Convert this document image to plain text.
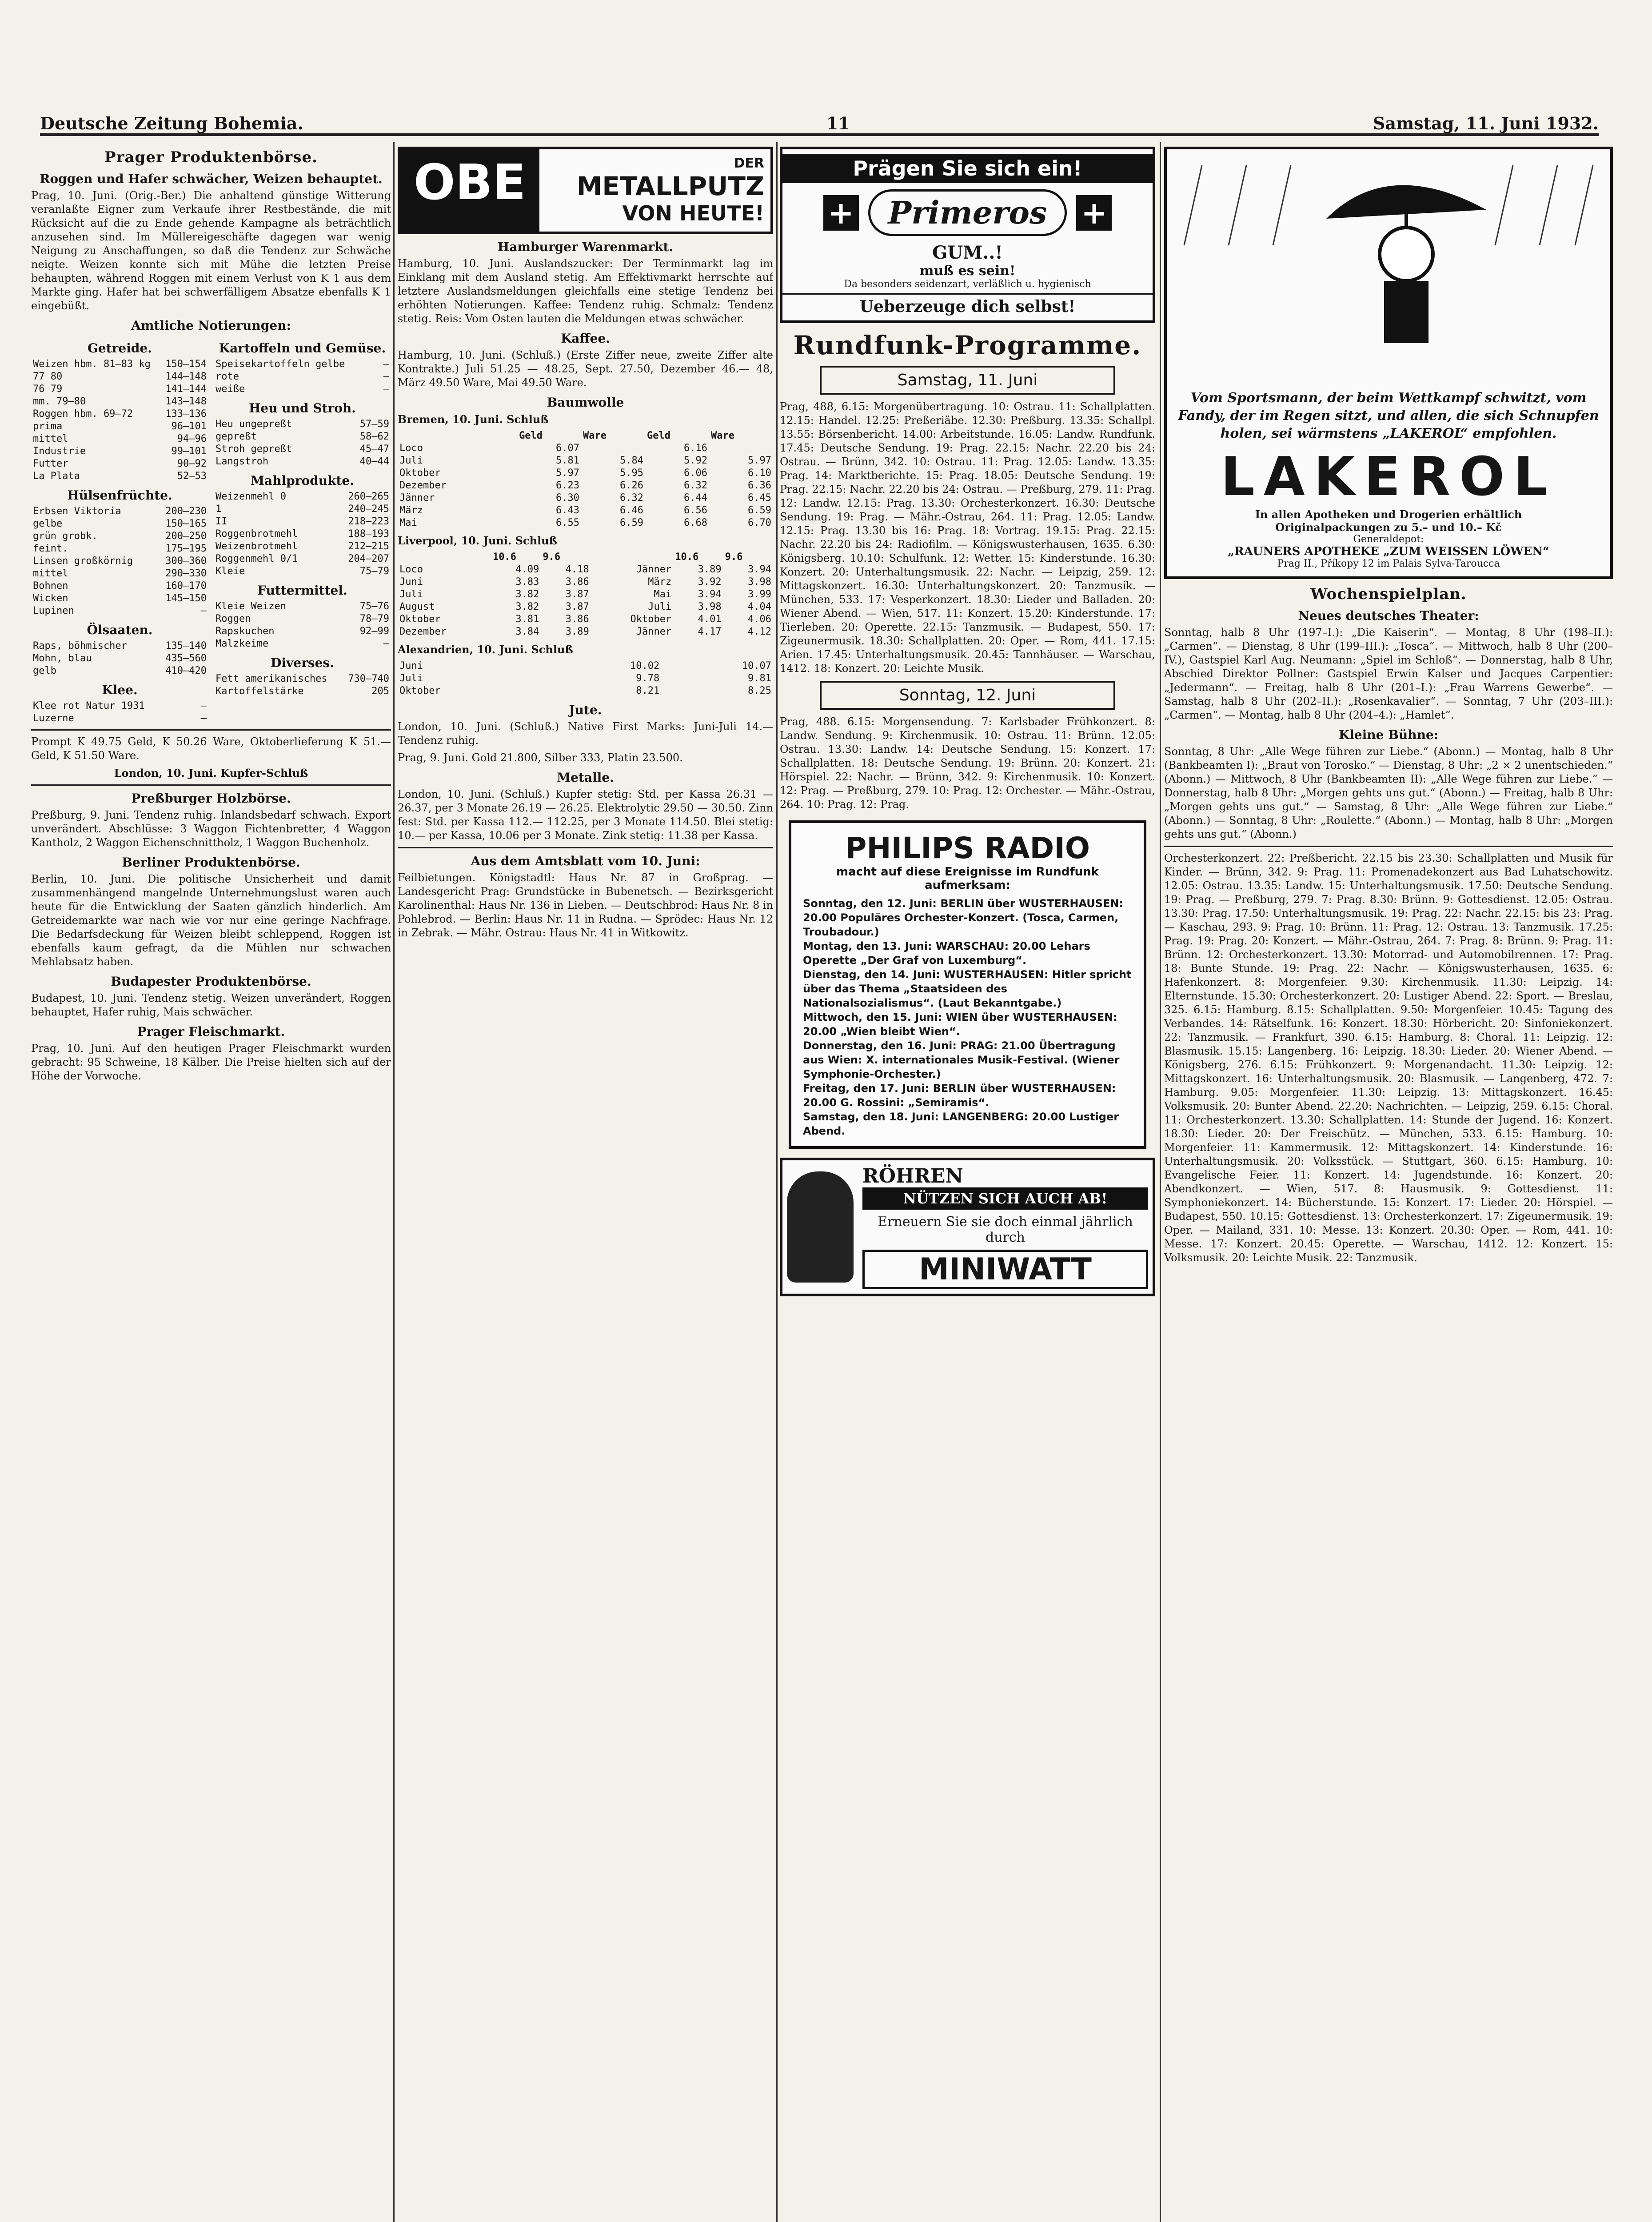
Deutsche Zeitung Bohemia.	11	Samstag, 11. Juni 1932.
Prager Produktenbörse.
Roggen und Hafer schwächer, Weizen behauptet.

Prag, 10. Juni. (Orig.-Ber.) Die anhaltend günstige Witterung veranlaßte Eigner zum Verkaufe ihrer Restbestände, die mit Rücksicht auf die zu Ende gehende Kampagne als beträchtlich anzusehen sind. Im Müllereigeschäfte dagegen war wenig Neigung zu Anschaffungen, so daß die Tendenz zur Schwäche neigte. Weizen konnte sich mit Mühe die letzten Preise behaupten, während Roggen mit einem Verlust von K 1 aus dem Markte ging. Hafer hat bei schwerfälligem Absatze ebenfalls K 1 eingebüßt.

Amtliche Notierungen:
Getreide.
Weizen hbm. 81–83 kg	150–154
77 80	144–148
76 79	141–144
mm. 79–80	143–148
Roggen hbm. 69–72	133–136
prima	96–101
mittel	94–96
Industrie	99–101
Futter	90–92
La Plata	52–53
Hülsenfrüchte.
Erbsen Viktoria	200–230
gelbe	150–165
grün grobk.	200–250
feint.	175–195
Linsen großkörnig	300–360
mittel	290–330
Bohnen	160–170
Wicken	145–150
Lupinen	—
Ölsaaten.
Raps, böhmischer	135–140
Mohn, blau	435–560
gelb	410–420
Klee.
Klee rot Natur 1931	—
Luzerne	—
Kartoffeln und Gemüse.
Speisekartoffeln gelbe	—
rote	—
weiße	—
Heu und Stroh.
Heu ungepreßt	57–59
gepreßt	58–62
Stroh gepreßt	45–47
Langstroh	40–44
Mahlprodukte.
Weizenmehl 0	260–265
1	240–245
II	218–223
Roggenbrotmehl	188–193
Weizenbrotmehl	212–215
Roggenmehl 0/1	204–207
Kleie	75–79
Futtermittel.
Kleie Weizen	75–76
Roggen	78–79
Rapskuchen	92–99
Malzkeime	—
Diverses.
Fett amerikanisches	730–740
Kartoffelstärke	205

Prompt K 49.75 Geld, K 50.26 Ware, Oktoberlieferung K 51.— Geld, K 51.50 Ware.

London, 10. Juni. Kupfer-Schluß

Preßburger Holzbörse.

Preßburg, 9. Juni. Tendenz ruhig. Inlandsbedarf schwach. Export unverändert. Abschlüsse: 3 Waggon Fichtenbretter, 4 Waggon Kantholz, 2 Waggon Eichenschnittholz, 1 Waggon Buchenholz.

Berliner Produktenbörse.

Berlin, 10. Juni. Die politische Unsicherheit und damit zusammenhängend mangelnde Unternehmungslust waren auch heute für die Entwicklung der Saaten gänzlich hinderlich. Am Getreidemarkte war nach wie vor nur eine geringe Nachfrage. Die Bedarfsdeckung für Weizen bleibt schleppend, Roggen ist ebenfalls kaum gefragt, da die Mühlen nur schwachen Mehlabsatz haben.

Budapester Produktenbörse.

Budapest, 10. Juni. Tendenz stetig. Weizen unverändert, Roggen behauptet, Hafer ruhig, Mais schwächer.

Prager Fleischmarkt.

Prag, 10. Juni. Auf den heutigen Prager Fleischmarkt wurden gebracht: 95 Schweine, 18 Kälber. Die Preise hielten sich auf der Höhe der Vorwoche.

OBE	DER
METALLPUTZ
VON HEUTE!
Hamburger Warenmarkt.

Hamburg, 10. Juni. Auslandszucker: Der Terminmarkt lag im Einklang mit dem Ausland stetig. Am Effektivmarkt herrschte auf letztere Auslandsmeldungen gleichfalls eine stetige Tendenz bei erhöhten Notierungen. Kaffee: Tendenz ruhig. Schmalz: Tendenz stetig. Reis: Vom Osten lauten die Meldungen etwas schwächer.

Kaffee.

Hamburg, 10. Juni. (Schluß.) (Erste Ziffer neue, zweite Ziffer alte Kontrakte.) Juli 51.25 — 48.25, Sept. 27.50, Dezember 46.— 48, März 49.50 Ware, Mai 49.50 Ware.

Baumwolle

Bremen, 10. Juni. Schluß

	Geld	Ware	Geld	Ware
Loco	6.07		6.16	
Juli	5.81	5.84	5.92	5.97
Oktober	5.97	5.95	6.06	6.10
Dezember	6.23	6.26	6.32	6.36
Jänner	6.30	6.32	6.44	6.45
März	6.43	6.46	6.56	6.59
Mai	6.55	6.59	6.68	6.70

Liverpool, 10. Juni. Schluß

	10.6	9.6		10.6	9.6
Loco	4.09	4.18	Jänner	3.89	3.94
Juni	3.83	3.86	März	3.92	3.98
Juli	3.82	3.87	Mai	3.94	3.99
August	3.82	3.87	Juli	3.98	4.04
Oktober	3.81	3.86	Oktober	4.01	4.06
Dezember	3.84	3.89	Jänner	4.17	4.12

Alexandrien, 10. Juni. Schluß

Juni	10.02	10.07
Juli	9.78	9.81
Oktober	8.21	8.25
Jute.

London, 10. Juni. (Schluß.) Native First Marks: Juni-Juli 14.— Tendenz ruhig.

Prag, 9. Juni. Gold 21.800, Silber 333, Platin 23.500.

Metalle.

London, 10. Juni. (Schluß.) Kupfer stetig: Std. per Kassa 26.31 — 26.37, per 3 Monate 26.19 — 26.25. Elektrolytic 29.50 — 30.50. Zinn fest: Std. per Kassa 112.— 112.25, per 3 Monate 114.50. Blei stetig: 10.— per Kassa, 10.06 per 3 Monate. Zink stetig: 11.38 per Kassa.

Aus dem Amtsblatt vom 10. Juni:

Feilbietungen. Königstadtl: Haus Nr. 87 in Großprag. — Landesgericht Prag: Grundstücke in Bubenetsch. — Bezirksgericht Karolinenthal: Haus Nr. 136 in Lieben. — Deutschbrod: Haus Nr. 8 in Pohlebrod. — Berlin: Haus Nr. 11 in Rudna. — Sprödec: Haus Nr. 12 in Zebrak. — Mähr. Ostrau: Haus Nr. 41 in Witkowitz.

Prägen Sie sich ein!
+ Primeros +
GUM..!
muß es sein!
Da besonders seidenzart, verläßlich u. hygienisch
Ueberzeuge dich selbst!
Rundfunk-Programme.
Samstag, 11. Juni

Prag, 488, 6.15: Morgenübertragung. 10: Ostrau. 11: Schallplatten. 12.15: Handel. 12.25: Preßeriäbe. 12.30: Preßburg. 13.35: Schallpl. 13.55: Börsenbericht. 14.00: Arbeitstunde. 16.05: Landw. Rundfunk. 17.45: Deutsche Sendung. 19: Prag. 22.15: Nachr. 22.20 bis 24: Ostrau. — Brünn, 342. 10: Ostrau. 11: Prag. 12.05: Landw. 13.35: Prag. 14: Marktberichte. 15: Prag. 18.05: Deutsche Sendung. 19: Prag. 22.15: Nachr. 22.20 bis 24: Ostrau. — Preßburg, 279. 11: Prag. 12: Landw. 12.15: Prag. 13.30: Orchesterkonzert. 16.30: Deutsche Sendung. 19: Prag. — Mähr.-Ostrau, 264. 11: Prag. 12.05: Landw. 12.15: Prag. 13.30 bis 16: Prag. 18: Vortrag. 19.15: Prag. 22.15: Nachr. 22.20 bis 24: Radiofilm. — Königswusterhausen, 1635. 6.30: Königsberg. 10.10: Schulfunk. 12: Wetter. 15: Kinderstunde. 16.30: Konzert. 20: Unterhaltungsmusik. 22: Nachr. — Leipzig, 259. 12: Mittagskonzert. 16.30: Unterhaltungskonzert. 20: Tanzmusik. — München, 533. 17: Vesperkonzert. 18.30: Lieder und Balladen. 20: Wiener Abend. — Wien, 517. 11: Konzert. 15.20: Kinderstunde. 17: Tierleben. 20: Operette. 22.15: Tanzmusik. — Budapest, 550. 17: Zigeunermusik. 18.30: Schallplatten. 20: Oper. — Rom, 441. 17.15: Arien. 17.45: Unterhaltungsmusik. 20.45: Tannhäuser. — Warschau, 1412. 18: Konzert. 20: Leichte Musik.

Sonntag, 12. Juni

Prag, 488. 6.15: Morgensendung. 7: Karlsbader Frühkonzert. 8: Landw. Sendung. 9: Kirchenmusik. 10: Ostrau. 11: Brünn. 12.05: Ostrau. 13.30: Landw. 14: Deutsche Sendung. 15: Konzert. 17: Schallplatten. 18: Deutsche Sendung. 19: Brünn. 20: Konzert. 21: Hörspiel. 22: Nachr. — Brünn, 342. 9: Kirchenmusik. 10: Konzert. 12: Prag. — Preßburg, 279. 10: Prag. 12: Orchester. — Mähr.-Ostrau, 264. 10: Prag. 12: Prag.

PHILIPS RADIO
macht auf diese Ereignisse im Rundfunk aufmerksam:
Sonntag, den 12. Juni: BERLIN über WUSTERHAUSEN: 20.00 Populäres Orchester-Konzert. (Tosca, Carmen, Troubadour.)
Montag, den 13. Juni: WARSCHAU: 20.00 Lehars Operette „Der Graf von Luxemburg“.
Dienstag, den 14. Juni: WUSTERHAUSEN: Hitler spricht über das Thema „Staatsideen des Nationalsozialismus“. (Laut Bekanntgabe.)
Mittwoch, den 15. Juni: WIEN über WUSTERHAUSEN: 20.00 „Wien bleibt Wien“.
Donnerstag, den 16. Juni: PRAG: 21.00 Übertragung aus Wien: X. internationales Musik-Festival. (Wiener Symphonie-Orchester.)
Freitag, den 17. Juni: BERLIN über WUSTERHAUSEN: 20.00 G. Rossini: „Semiramis“.
Samstag, den 18. Juni: LANGENBERG: 20.00 Lustiger Abend.
RÖHREN
NÜTZEN SICH AUCH AB!
Erneuern Sie sie doch einmal jährlich durch
MINIWATT

Vom Sportsmann, der beim Wettkampf schwitzt, vom Fandy, der im Regen sitzt, und allen, die sich Schnupfen holen, sei wärmstens „LAKEROL“ empfohlen.

LAKEROL
In allen Apotheken und Drogerien erhältlich
Originalpackungen zu 5.– und 10.– Kč
Generaldepot:
„RAUNERS APOTHEKE „ZUM WEISSEN LÖWEN“
Prag II., Příkopy 12 im Palais Sylva-Taroucca
Wochenspielplan.
Neues deutsches Theater:

Sonntag, halb 8 Uhr (197–I.): „Die Kaiserin“. — Montag, 8 Uhr (198–II.): „Carmen“. — Dienstag, 8 Uhr (199–III.): „Tosca“. — Mittwoch, halb 8 Uhr (200–IV.), Gastspiel Karl Aug. Neumann: „Spiel im Schloß“. — Donnerstag, halb 8 Uhr, Abschied Direktor Pollner: Gastspiel Erwin Kalser und Jacques Carpentier: „Jedermann“. — Freitag, halb 8 Uhr (201–I.): „Frau Warrens Gewerbe“. — Samstag, halb 8 Uhr (202–II.): „Rosenkavalier“. — Sonntag, 7 Uhr (203–III.): „Carmen“. — Montag, halb 8 Uhr (204–4.): „Hamlet“.

Kleine Bühne:

Sonntag, 8 Uhr: „Alle Wege führen zur Liebe.“ (Abonn.) — Montag, halb 8 Uhr (Bankbeamten I): „Braut von Torosko.“ — Dienstag, 8 Uhr: „2 × 2 unentschieden.“ (Abonn.) — Mittwoch, 8 Uhr (Bankbeamten II): „Alle Wege führen zur Liebe.“ — Donnerstag, halb 8 Uhr: „Morgen gehts uns gut.“ (Abonn.) — Freitag, halb 8 Uhr: „Morgen gehts uns gut.“ — Samstag, 8 Uhr: „Alle Wege führen zur Liebe.“ (Abonn.) — Sonntag, 8 Uhr: „Roulette.“ (Abonn.) — Montag, halb 8 Uhr: „Morgen gehts uns gut.“ (Abonn.)

Orchesterkonzert. 22: Preßbericht. 22.15 bis 23.30: Schallplatten und Musik für Kinder. — Brünn, 342. 9: Prag. 11: Promenadekonzert aus Bad Luhatschowitz. 12.05: Ostrau. 13.35: Landw. 15: Unterhaltungsmusik. 17.50: Deutsche Sendung. 19: Prag. — Preßburg, 279. 7: Prag. 8.30: Brünn. 9: Gottesdienst. 12.05: Ostrau. 13.30: Prag. 17.50: Unterhaltungsmusik. 19: Prag. 22: Nachr. 22.15: bis 23: Prag. — Kaschau, 293. 9: Prag. 10: Brünn. 11: Prag. 12: Ostrau. 13: Tanzmusik. 17.25: Prag. 19: Prag. 20: Konzert. — Mähr.-Ostrau, 264. 7: Prag. 8: Brünn. 9: Prag. 11: Brünn. 12: Orchesterkonzert. 13.30: Motorrad- und Automobilrennen. 17: Prag. 18: Bunte Stunde. 19: Prag. 22: Nachr. — Königswusterhausen, 1635. 6: Hafenkonzert. 8: Morgenfeier. 9.30: Kirchenmusik. 11.30: Leipzig. 14: Elternstunde. 15.30: Orchesterkonzert. 20: Lustiger Abend. 22: Sport. — Breslau, 325. 6.15: Hamburg. 8.15: Schallplatten. 9.50: Morgenfeier. 10.45: Tagung des Verbandes. 14: Rätselfunk. 16: Konzert. 18.30: Hörbericht. 20: Sinfoniekonzert. 22: Tanzmusik. — Frankfurt, 390. 6.15: Hamburg. 8: Choral. 11: Leipzig. 12: Blasmusik. 15.15: Langenberg. 16: Leipzig. 18.30: Lieder. 20: Wiener Abend. — Königsberg, 276. 6.15: Frühkonzert. 9: Morgenandacht. 11.30: Leipzig. 12: Mittagskonzert. 16: Unterhaltungsmusik. 20: Blasmusik. — Langenberg, 472. 7: Hamburg. 9.05: Morgenfeier. 11.30: Leipzig. 13: Mittagskonzert. 16.45: Volksmusik. 20: Bunter Abend. 22.20: Nachrichten. — Leipzig, 259. 6.15: Choral. 11: Orchesterkonzert. 13.30: Schallplatten. 14: Stunde der Jugend. 16: Konzert. 18.30: Lieder. 20: Der Freischütz. — München, 533. 6.15: Hamburg. 10: Morgenfeier. 11: Kammermusik. 12: Mittagskonzert. 14: Kinderstunde. 16: Unterhaltungsmusik. 20: Volksstück. — Stuttgart, 360. 6.15: Hamburg. 10: Evangelische Feier. 11: Konzert. 14: Jugendstunde. 16: Konzert. 20: Abendkonzert. — Wien, 517. 8: Hausmusik. 9: Gottesdienst. 11: Symphoniekonzert. 14: Bücherstunde. 15: Konzert. 17: Lieder. 20: Hörspiel. — Budapest, 550. 10.15: Gottesdienst. 13: Orchesterkonzert. 17: Zigeunermusik. 19: Oper. — Mailand, 331. 10: Messe. 13: Konzert. 20.30: Oper. — Rom, 441. 10: Messe. 17: Konzert. 20.45: Operette. — Warschau, 1412. 12: Konzert. 15: Volksmusik. 20: Leichte Musik. 22: Tanzmusik.
